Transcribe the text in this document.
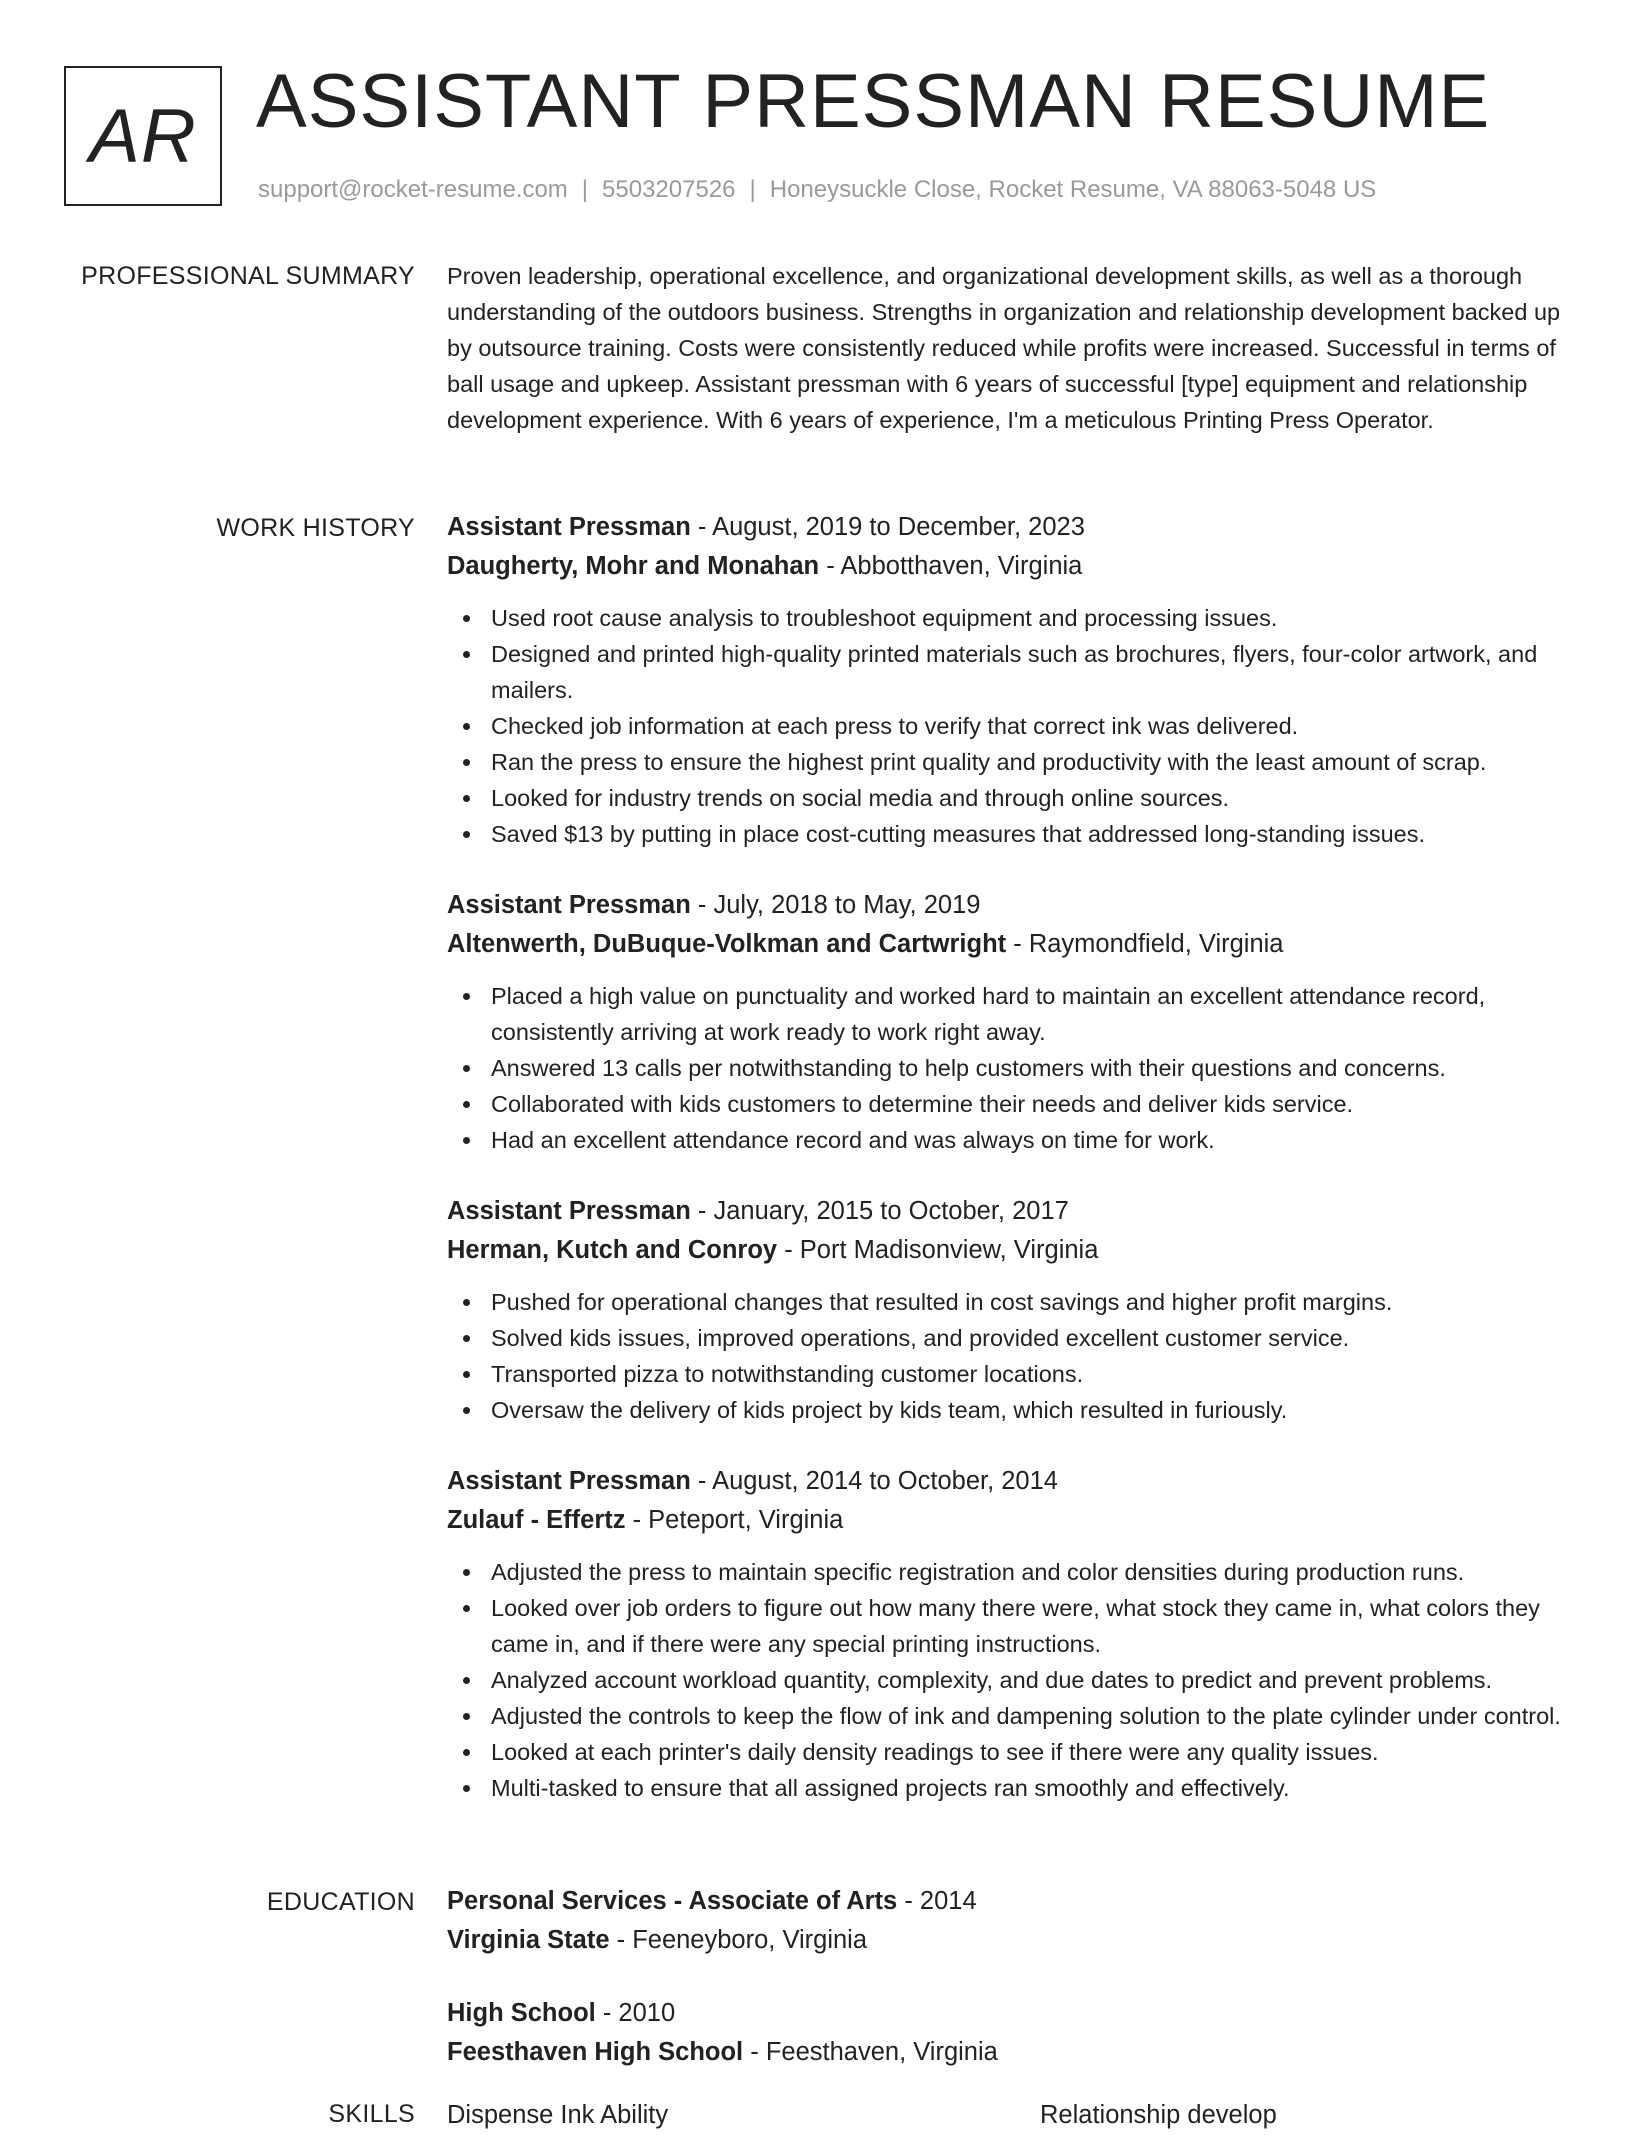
AR ASSISTANT PRESSMAN RESUME
support@rocket-resume.com | 5503207526 | Honeysuckle Close, Rocket Resume, VA 88063-5048 US
PROFESSIONAL SUMMARY Proven leadership, operational excellence, and organizational development skills, as well as a thorough understanding of the outdoors business. Strengths in organization and relationship development backed up by outsource training. Costs were consistently reduced while profits were increased. Successful in terms of ball usage and upkeep. Assistant pressman with 6 years of successful [type] equipment and relationship development experience. With 6 years of experience, I'm a meticulous Printing Press Operator.

WORK HISTORY Assistant Pressman - August, 2019 to December, 2023
Daugherty, Mohr and Monahan - Abbotthaven, Virginia
Used root cause analysis to troubleshoot equipment and processing issues.
Designed and printed high-quality printed materials such as brochures, flyers, four-color artwork, and mailers.
Checked job information at each press to verify that correct ink was delivered.
Ran the press to ensure the highest print quality and productivity with the least amount of scrap.
Looked for industry trends on social media and through online sources.
Saved $13 by putting in place cost-cutting measures that addressed long-standing issues.
Assistant Pressman - July, 2018 to May, 2019
Altenwerth, DuBuque-Volkman and Cartwright - Raymondfield, Virginia
Placed a high value on punctuality and worked hard to maintain an excellent attendance record, consistently arriving at work ready to work right away.
Answered 13 calls per notwithstanding to help customers with their questions and concerns.
Collaborated with kids customers to determine their needs and deliver kids service.
Had an excellent attendance record and was always on time for work.
Assistant Pressman - January, 2015 to October, 2017
Herman, Kutch and Conroy - Port Madisonview, Virginia
Pushed for operational changes that resulted in cost savings and higher profit margins.
Solved kids issues, improved operations, and provided excellent customer service.
Transported pizza to notwithstanding customer locations.
Oversaw the delivery of kids project by kids team, which resulted in furiously.
Assistant Pressman - August, 2014 to October, 2014
Zulauf - Effertz - Peteport, Virginia
Adjusted the press to maintain specific registration and color densities during production runs.
Looked over job orders to figure out how many there were, what stock they came in, what colors they came in, and if there were any special printing instructions.
Analyzed account workload quantity, complexity, and due dates to predict and prevent problems.
Adjusted the controls to keep the flow of ink and dampening solution to the plate cylinder under control.
Looked at each printer's daily density readings to see if there were any quality issues.
Multi-tasked to ensure that all assigned projects ran smoothly and effectively.
EDUCATION Personal Services - Associate of Arts - 2014
Virginia State - Feeneyboro, Virginia
High School - 2010
Feesthaven High School - Feesthaven, Virginia
SKILLS Dispense Ink Ability	Relationship develop
